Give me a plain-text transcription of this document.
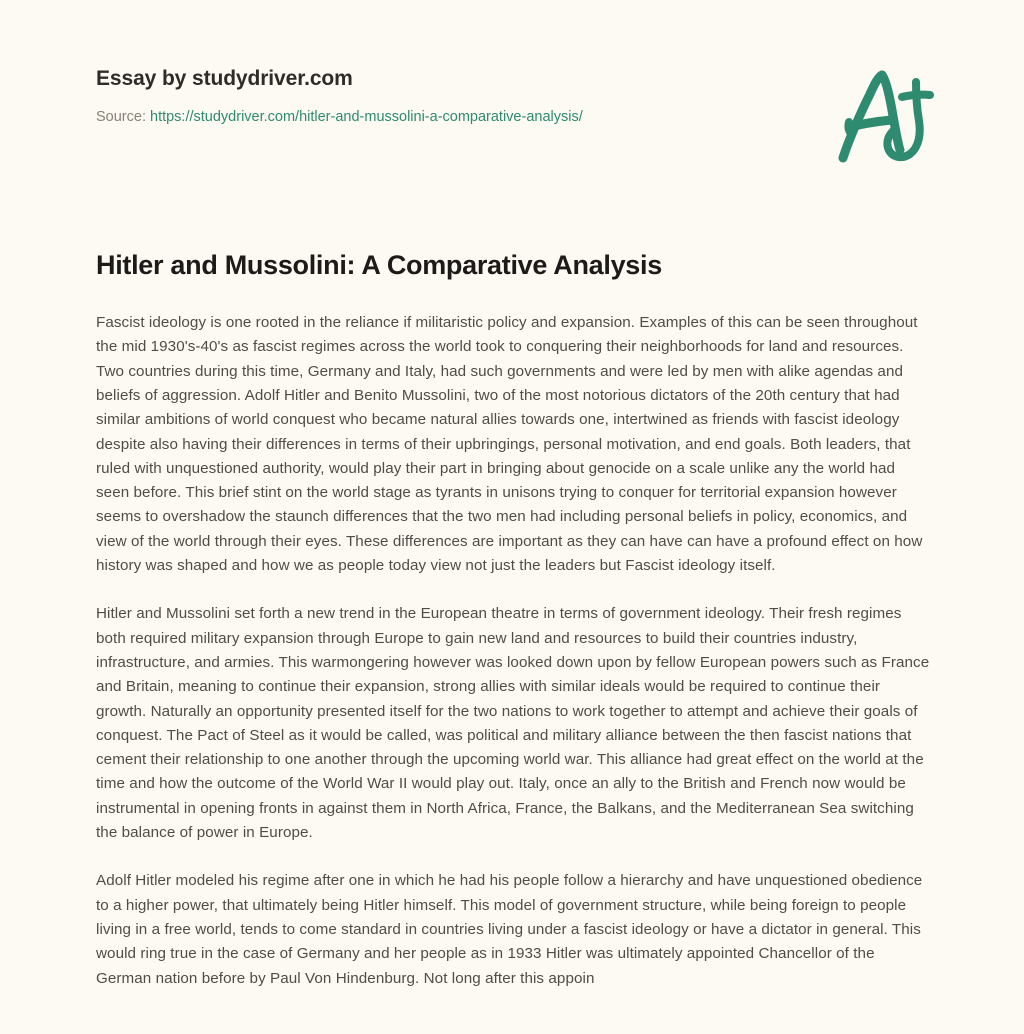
Essay by studydriver.com
Source: https://studydriver.com/hitler-and-mussolini-a-comparative-analysis/
Hitler and Mussolini: A Comparative Analysis

Fascist ideology is one rooted in the reliance if militaristic policy and expansion. Examples of this can be seen throughout the mid 1930's-40's as fascist regimes across the world took to conquering their neighborhoods for land and resources. Two countries during this time, Germany and Italy, had such governments and were led by men with alike agendas and beliefs of aggression. Adolf Hitler and Benito Mussolini, two of the most notorious dictators of the 20th century that had similar ambitions of world conquest who became natural allies towards one, intertwined as friends with fascist ideology despite also having their differences in terms of their upbringings, personal motivation, and end goals. Both leaders, that ruled with unquestioned authority, would play their part in bringing about genocide on a scale unlike any the world had seen before. This brief stint on the world stage as tyrants in unisons trying to conquer for territorial expansion however seems to overshadow the staunch differences that the two men had including personal beliefs in policy, economics, and view of the world through their eyes. These differences are important as they can have can have a profound effect on how history was shaped and how we as people today view not just the leaders but Fascist ideology itself.

Hitler and Mussolini set forth a new trend in the European theatre in terms of government ideology. Their fresh regimes both required military expansion through Europe to gain new land and resources to build their countries industry, infrastructure, and armies. This warmongering however was looked down upon by fellow European powers such as France and Britain, meaning to continue their expansion, strong allies with similar ideals would be required to continue their growth. Naturally an opportunity presented itself for the two nations to work together to attempt and achieve their goals of conquest. The Pact of Steel as it would be called, was political and military alliance between the then fascist nations that cement their relationship to one another through the upcoming world war. This alliance had great effect on the world at the time and how the outcome of the World War II would play out. Italy, once an ally to the British and French now would be instrumental in opening fronts in against them in North Africa, France, the Balkans, and the Mediterranean Sea switching the balance of power in Europe.

Adolf Hitler modeled his regime after one in which he had his people follow a hierarchy and have unquestioned obedience to a higher power, that ultimately being Hitler himself. This model of government structure, while being foreign to people living in a free world, tends to come standard in countries living under a fascist ideology or have a dictator in general. This would ring true in the case of Germany and her people as in 1933 Hitler was ultimately appointed Chancellor of the German nation before by Paul Von Hindenburg. Not long after this appoin
